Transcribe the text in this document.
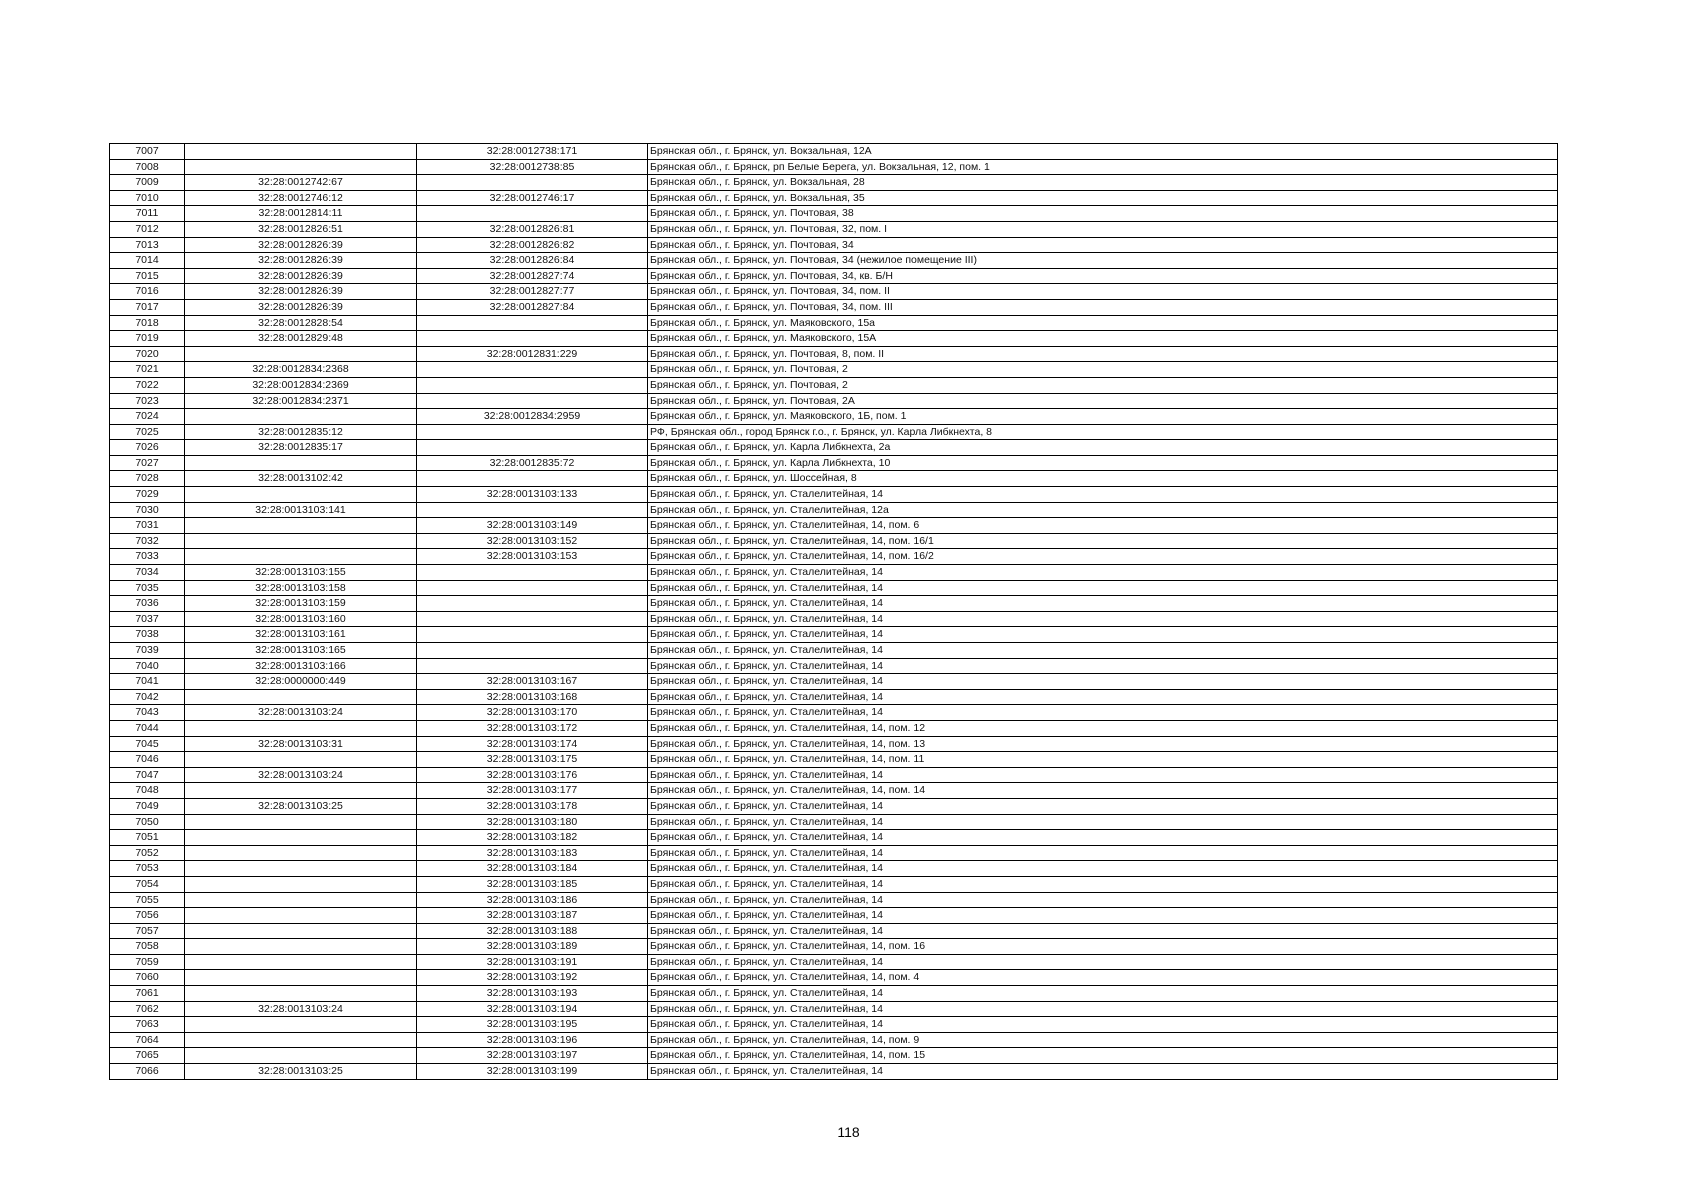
7007		32:28:0012738:171	Брянская обл., г. Брянск, ул. Вокзальная, 12А
7008		32:28:0012738:85	Брянская обл., г. Брянск, рп Белые Берега, ул. Вокзальная, 12, пом. 1
7009	32:28:0012742:67		Брянская обл., г. Брянск, ул. Вокзальная, 28
7010	32:28:0012746:12	32:28:0012746:17	Брянская обл., г. Брянск, ул. Вокзальная, 35
7011	32:28:0012814:11		Брянская обл., г. Брянск, ул. Почтовая, 38
7012	32:28:0012826:51	32:28:0012826:81	Брянская обл., г. Брянск, ул. Почтовая, 32, пом. I
7013	32:28:0012826:39	32:28:0012826:82	Брянская обл., г. Брянск, ул. Почтовая, 34
7014	32:28:0012826:39	32:28:0012826:84	Брянская обл., г. Брянск, ул. Почтовая, 34 (нежилое помещение III)
7015	32:28:0012826:39	32:28:0012827:74	Брянская обл., г. Брянск, ул. Почтовая, 34, кв. Б/Н
7016	32:28:0012826:39	32:28:0012827:77	Брянская обл., г. Брянск, ул. Почтовая, 34, пом. II
7017	32:28:0012826:39	32:28:0012827:84	Брянская обл., г. Брянск, ул. Почтовая, 34, пом. III
7018	32:28:0012828:54		Брянская обл., г. Брянск, ул. Маяковского, 15а
7019	32:28:0012829:48		Брянская обл., г. Брянск, ул. Маяковского, 15А
7020		32:28:0012831:229	Брянская обл., г. Брянск, ул. Почтовая, 8, пом. II
7021	32:28:0012834:2368		Брянская обл., г. Брянск, ул. Почтовая, 2
7022	32:28:0012834:2369		Брянская обл., г. Брянск, ул. Почтовая, 2
7023	32:28:0012834:2371		Брянская обл., г. Брянск, ул. Почтовая, 2А
7024		32:28:0012834:2959	Брянская обл., г. Брянск, ул. Маяковского, 1Б, пом. 1
7025	32:28:0012835:12		РФ, Брянская обл., город Брянск г.о., г. Брянск, ул. Карла Либкнехта, 8
7026	32:28:0012835:17		Брянская обл., г. Брянск, ул. Карла Либкнехта, 2а
7027		32:28:0012835:72	Брянская обл., г. Брянск, ул. Карла Либкнехта, 10
7028	32:28:0013102:42		Брянская обл., г. Брянск, ул. Шоссейная, 8
7029		32:28:0013103:133	Брянская обл., г. Брянск, ул. Сталелитейная, 14
7030	32:28:0013103:141		Брянская обл., г. Брянск, ул. Сталелитейная, 12а
7031		32:28:0013103:149	Брянская обл., г. Брянск, ул. Сталелитейная, 14, пом. 6
7032		32:28:0013103:152	Брянская обл., г. Брянск, ул. Сталелитейная, 14, пом. 16/1
7033		32:28:0013103:153	Брянская обл., г. Брянск, ул. Сталелитейная, 14, пом. 16/2
7034	32:28:0013103:155		Брянская обл., г. Брянск, ул. Сталелитейная, 14
7035	32:28:0013103:158		Брянская обл., г. Брянск, ул. Сталелитейная, 14
7036	32:28:0013103:159		Брянская обл., г. Брянск, ул. Сталелитейная, 14
7037	32:28:0013103:160		Брянская обл., г. Брянск, ул. Сталелитейная, 14
7038	32:28:0013103:161		Брянская обл., г. Брянск, ул. Сталелитейная, 14
7039	32:28:0013103:165		Брянская обл., г. Брянск, ул. Сталелитейная, 14
7040	32:28:0013103:166		Брянская обл., г. Брянск, ул. Сталелитейная, 14
7041	32:28:0000000:449	32:28:0013103:167	Брянская обл., г. Брянск, ул. Сталелитейная, 14
7042		32:28:0013103:168	Брянская обл., г. Брянск, ул. Сталелитейная, 14
7043	32:28:0013103:24	32:28:0013103:170	Брянская обл., г. Брянск, ул. Сталелитейная, 14
7044		32:28:0013103:172	Брянская обл., г. Брянск, ул. Сталелитейная, 14, пом. 12
7045	32:28:0013103:31	32:28:0013103:174	Брянская обл., г. Брянск, ул. Сталелитейная, 14, пом. 13
7046		32:28:0013103:175	Брянская обл., г. Брянск, ул. Сталелитейная, 14, пом. 11
7047	32:28:0013103:24	32:28:0013103:176	Брянская обл., г. Брянск, ул. Сталелитейная, 14
7048		32:28:0013103:177	Брянская обл., г. Брянск, ул. Сталелитейная, 14, пом. 14
7049	32:28:0013103:25	32:28:0013103:178	Брянская обл., г. Брянск, ул. Сталелитейная, 14
7050		32:28:0013103:180	Брянская обл., г. Брянск, ул. Сталелитейная, 14
7051		32:28:0013103:182	Брянская обл., г. Брянск, ул. Сталелитейная, 14
7052		32:28:0013103:183	Брянская обл., г. Брянск, ул. Сталелитейная, 14
7053		32:28:0013103:184	Брянская обл., г. Брянск, ул. Сталелитейная, 14
7054		32:28:0013103:185	Брянская обл., г. Брянск, ул. Сталелитейная, 14
7055		32:28:0013103:186	Брянская обл., г. Брянск, ул. Сталелитейная, 14
7056		32:28:0013103:187	Брянская обл., г. Брянск, ул. Сталелитейная, 14
7057		32:28:0013103:188	Брянская обл., г. Брянск, ул. Сталелитейная, 14
7058		32:28:0013103:189	Брянская обл., г. Брянск, ул. Сталелитейная, 14, пом. 16
7059		32:28:0013103:191	Брянская обл., г. Брянск, ул. Сталелитейная, 14
7060		32:28:0013103:192	Брянская обл., г. Брянск, ул. Сталелитейная, 14, пом. 4
7061		32:28:0013103:193	Брянская обл., г. Брянск, ул. Сталелитейная, 14
7062	32:28:0013103:24	32:28:0013103:194	Брянская обл., г. Брянск, ул. Сталелитейная, 14
7063		32:28:0013103:195	Брянская обл., г. Брянск, ул. Сталелитейная, 14
7064		32:28:0013103:196	Брянская обл., г. Брянск, ул. Сталелитейная, 14, пом. 9
7065		32:28:0013103:197	Брянская обл., г. Брянск, ул. Сталелитейная, 14, пом. 15
7066	32:28:0013103:25	32:28:0013103:199	Брянская обл., г. Брянск, ул. Сталелитейная, 14
118
